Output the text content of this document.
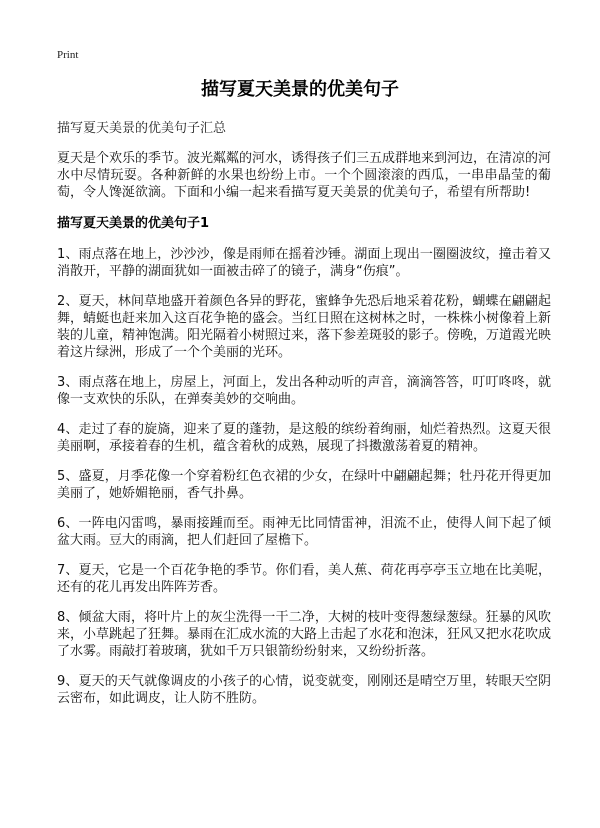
Print
描写夏天美景的优美句子

描写夏天美景的优美句子汇总

夏天是个欢乐的季节。波光粼粼的河水，诱得孩子们三五成群地来到河边，在清凉的河水中尽情玩耍。各种新鲜的水果也纷纷上市。一个个圆滚滚的西瓜，一串串晶莹的葡萄，令人馋涎欲滴。下面和小编一起来看描写夏天美景的优美句子，希望有所帮助!

描写夏天美景的优美句子1

1、雨点落在地上，沙沙沙，像是雨师在摇着沙锤。湖面上现出一圈圈波纹，撞击着又消散开，平静的湖面犹如一面被击碎了的镜子，满身“伤痕”。

2、夏天，林间草地盛开着颜色各异的野花，蜜蜂争先恐后地采着花粉，蝴蝶在翩翩起舞，蜻蜓也赶来加入这百花争艳的盛会。当红日照在这树林之时，一株株小树像着上新装的儿童，精神饱满。阳光隔着小树照过来，落下参差斑驳的影子。傍晚，万道霞光映着这片绿洲，形成了一个个美丽的光环。

3、雨点落在地上，房屋上，河面上，发出各种动听的声音，滴滴答答，叮叮咚咚，就像一支欢快的乐队，在弹奏美妙的交响曲。

4、走过了春的旋旖，迎来了夏的蓬勃，是这般的缤纷着绚丽，灿烂着热烈。这夏天很美丽啊，承接着春的生机，蕴含着秋的成熟，展现了抖擞激荡着夏的精神。

5、盛夏，月季花像一个穿着粉红色衣裙的少女，在绿叶中翩翩起舞；牡丹花开得更加美丽了，她娇媚艳丽，香气扑鼻。

6、一阵电闪雷鸣，暴雨接踵而至。雨神无比同情雷神，泪流不止，使得人间下起了倾盆大雨。豆大的雨滴，把人们赶回了屋檐下。

7、夏天，它是一个百花争艳的季节。你们看，美人蕉、荷花再亭亭玉立地在比美呢，还有的花儿再发出阵阵芳香。

8、倾盆大雨，将叶片上的灰尘洗得一干二净，大树的枝叶变得葱绿葱绿。狂暴的风吹来，小草跳起了狂舞。暴雨在汇成水流的大路上击起了水花和泡沫，狂风又把水花吹成了水雾。雨敲打着玻璃，犹如千万只银箭纷纷射来，又纷纷折落。

9、夏天的天气就像调皮的小孩子的心情，说变就变，刚刚还是晴空万里，转眼天空阴云密布，如此调皮，让人防不胜防。
